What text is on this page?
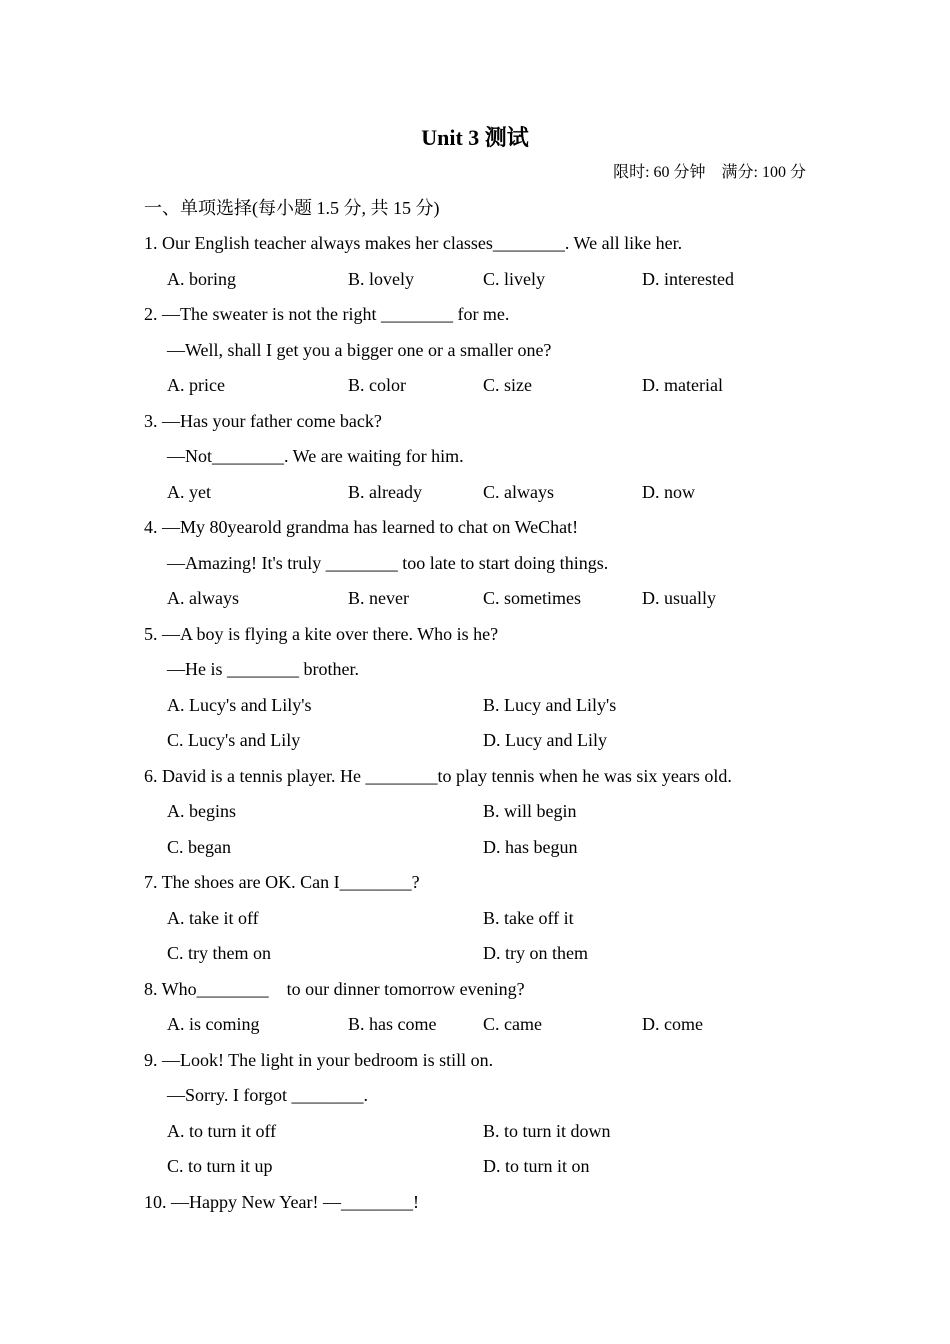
Unit 3 测试
限时: 60 分钟　满分: 100 分
一、单项选择(每小题 1.5 分, 共 15 分)
1. Our English teacher always makes her classes________. We all like her.
A. boring	B. lovely	C. lively	D. interested
2. —The sweater is not the right ________ for me.
—Well, shall I get you a bigger one or a smaller one?
A. price	B. color	C. size	D. material
3. —Has your father come back?
—Not________. We are waiting for him.
A. yet	B. already	C. always	D. now
4. —My 80yearold grandma has learned to chat on WeChat!
—Amazing! It's truly ________ too late to start doing things.
A. always	B. never	C. sometimes	D. usually
5. —A boy is flying a kite over there. Who is he?
—He is ________ brother.
A. Lucy's and Lily's	B. Lucy and Lily's
C. Lucy's and Lily	D. Lucy and Lily
6. David is a tennis player. He ________to play tennis when he was six years old.
A. begins	B. will begin
C. began	D. has begun
7. The shoes are OK. Can I________?
A. take it off	B. take off it
C. try them on	D. try on them
8. Who________　to our dinner tomorrow evening?
A. is coming	B. has come	C. came	D. come
9. —Look! The light in your bedroom is still on.
—Sorry. I forgot ________.
A. to turn it off	B. to turn it down
C. to turn it up	D. to turn it on
10. —Happy New Year! —________!
